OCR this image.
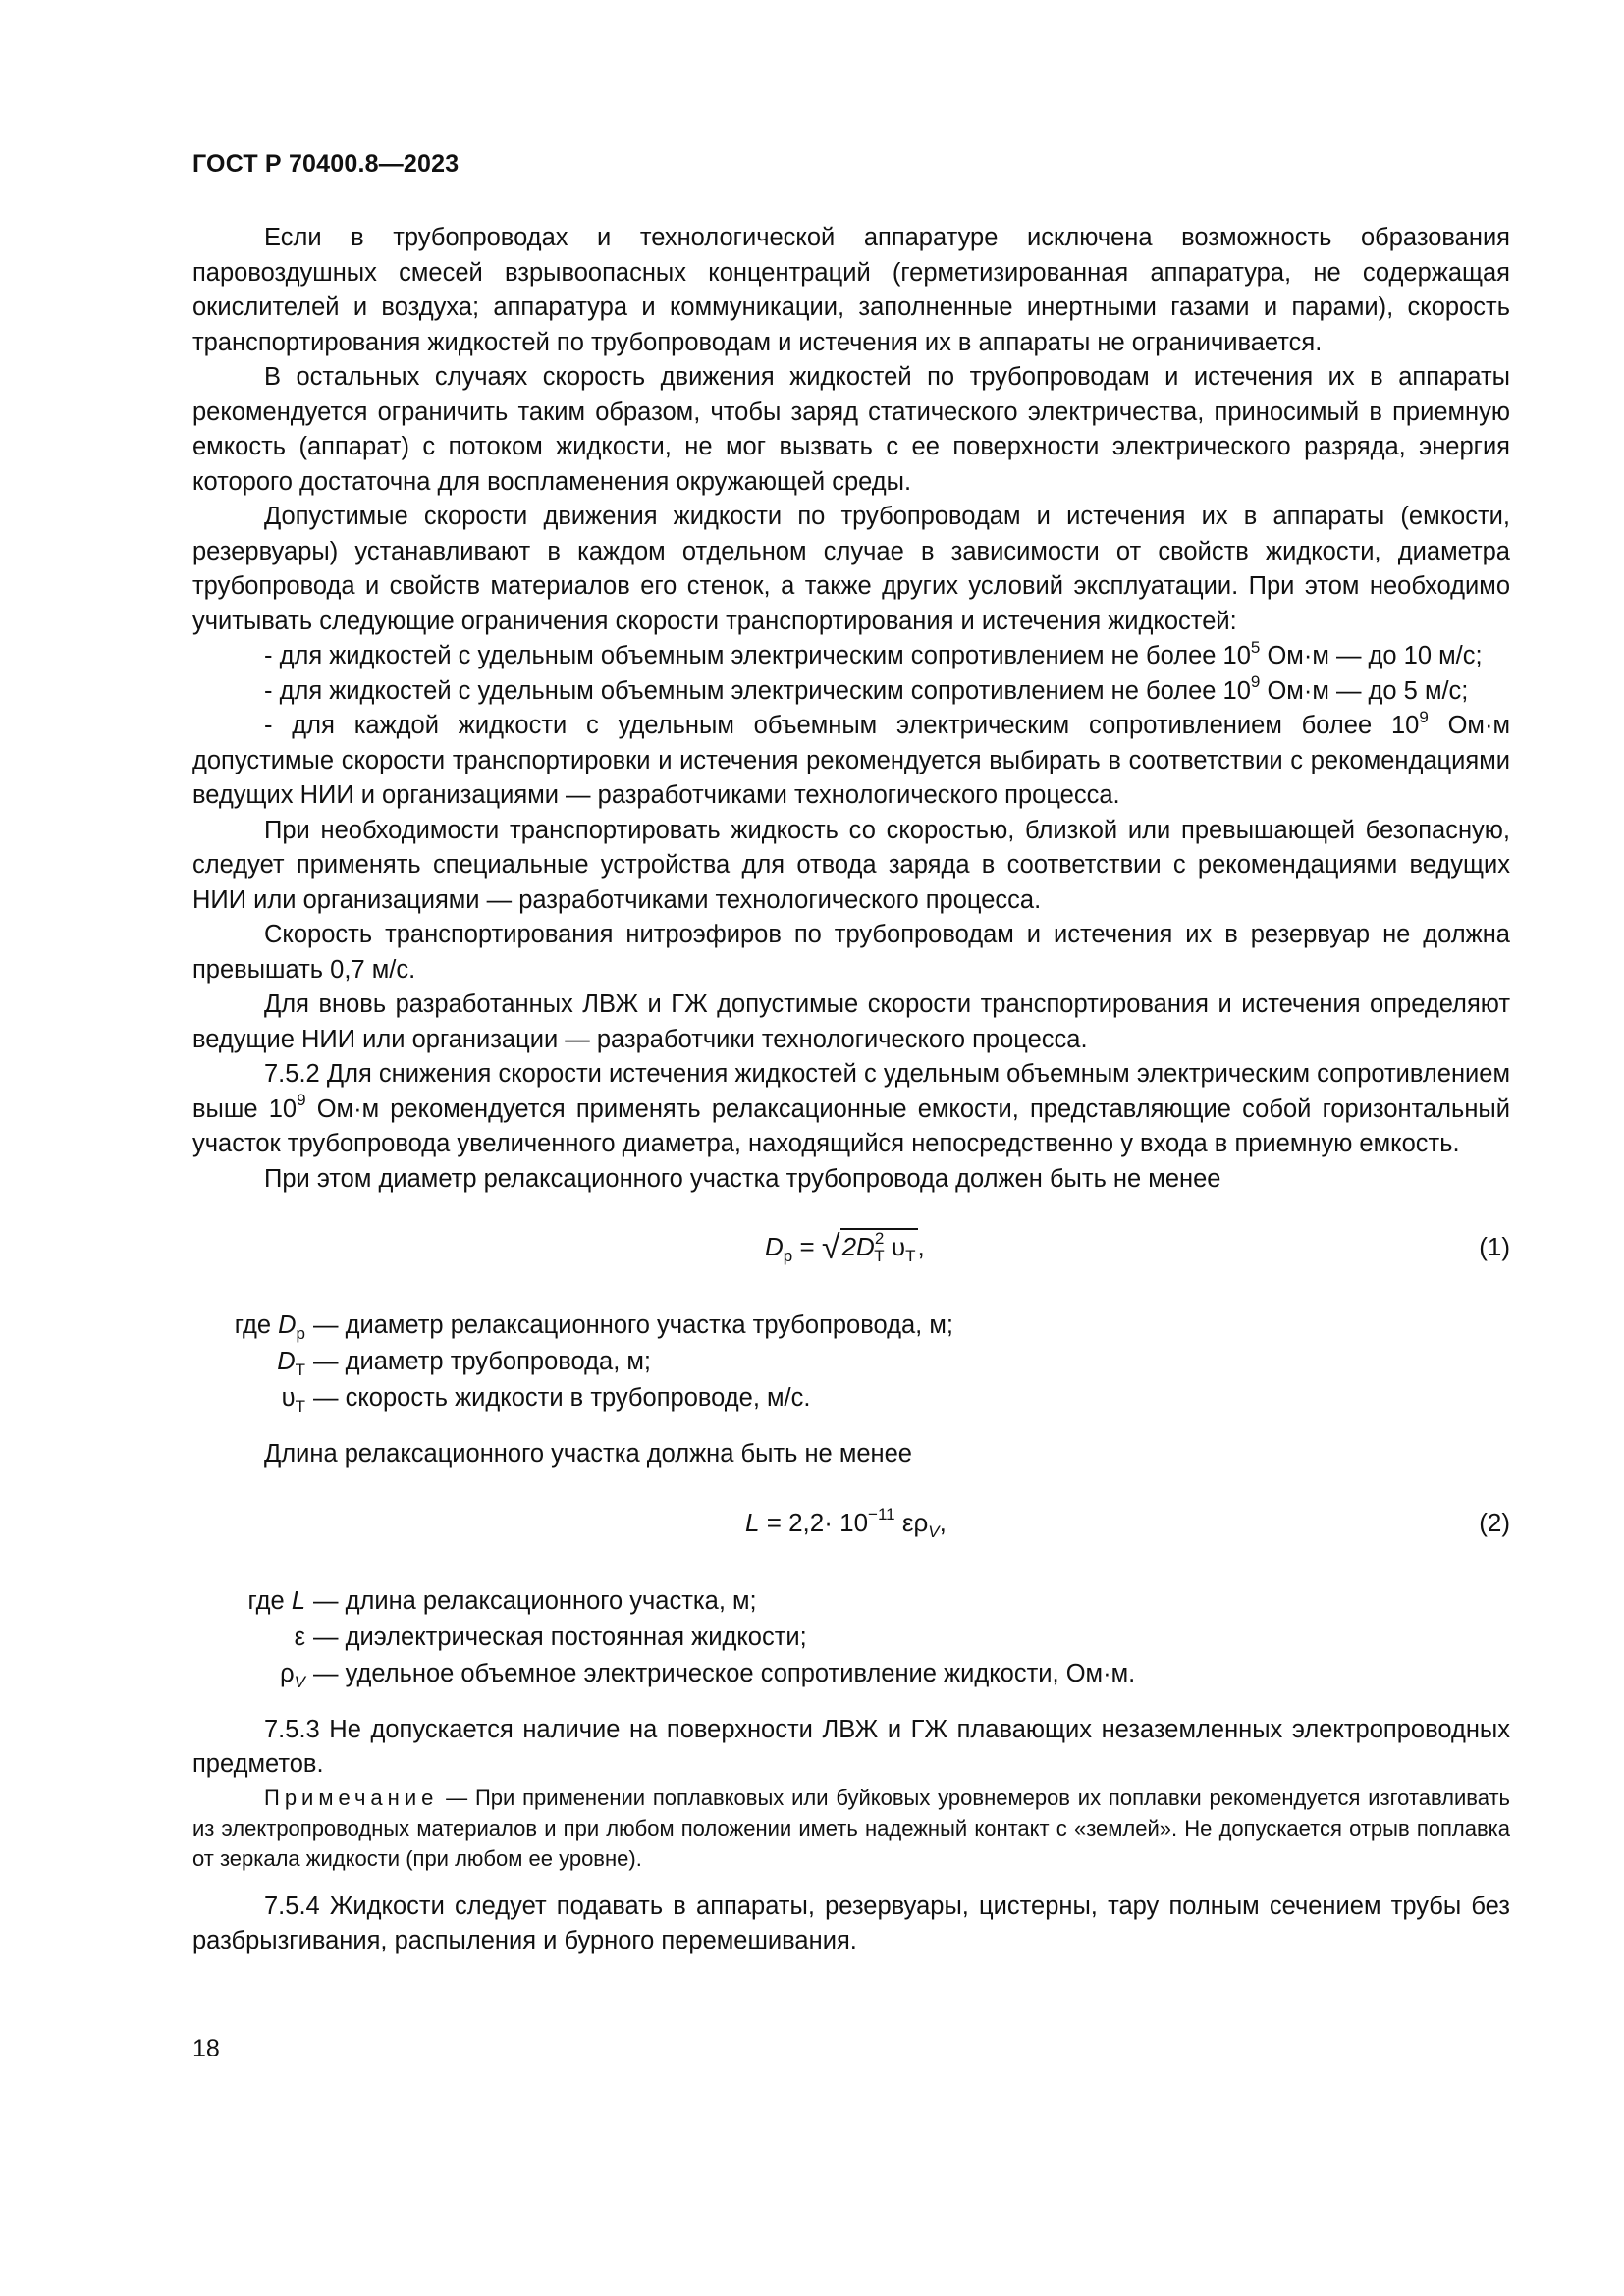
ГОСТ Р 70400.8—2023

Если в трубопроводах и технологической аппаратуре исключена возможность образования паровоздушных смесей взрывоопасных концентраций (герметизированная аппаратура, не содержащая окислителей и воздуха; аппаратура и коммуникации, заполненные инертными газами и парами), скорость транспортирования жидкостей по трубопроводам и истечения их в аппараты не ограничивается.

В остальных случаях скорость движения жидкостей по трубопроводам и истечения их в аппараты рекомендуется ограничить таким образом, чтобы заряд статического электричества, приносимый в приемную емкость (аппарат) с потоком жидкости, не мог вызвать с ее поверхности электрического разряда, энергия которого достаточна для воспламенения окружающей среды.

Допустимые скорости движения жидкости по трубопроводам и истечения их в аппараты (емкости, резервуары) устанавливают в каждом отдельном случае в зависимости от свойств жидкости, диаметра трубопровода и свойств материалов его стенок, а также других условий эксплуатации. При этом необходимо учитывать следующие ограничения скорости транспортирования и истечения жидкостей:

- для жидкостей с удельным объемным электрическим сопротивлением не более $10^5$ Ом·м — до 10 м/с;

- для жидкостей с удельным объемным электрическим сопротивлением не более $10^9$ Ом·м — до 5 м/с;

- для каждой жидкости с удельным объемным электрическим сопротивлением более $10^9$ Ом·м допустимые скорости транспортировки и истечения рекомендуется выбирать в соответствии с рекомендациями ведущих НИИ и организациями — разработчиками технологического процесса.

При необходимости транспортировать жидкость со скоростью, близкой или превышающей безопасную, следует применять специальные устройства для отвода заряда в соответствии с рекомендациями ведущих НИИ или организациями — разработчиками технологического процесса.

Скорость транспортирования нитроэфиров по трубопроводам и истечения их в резервуар не должна превышать 0,7 м/с.

Для вновь разработанных ЛВЖ и ГЖ допустимые скорости транспортирования и истечения определяют ведущие НИИ или организации — разработчики технологического процесса.

7.5.2 Для снижения скорости истечения жидкостей с удельным объемным электрическим сопротивлением выше $10^9$ Ом·м рекомендуется применять релаксационные емкости, представляющие собой горизонтальный участок трубопровода увеличенного диаметра, находящийся непосредственно у входа в приемную емкость.

При этом диаметр релаксационного участка трубопровода должен быть не менее

$D_р = √2D^2_Т$ $\upsilon_Т$,	(1)
где $D_р$ — диаметр релаксационного участка трубопровода, м;
$D_Т$ — диаметр трубопровода, м;
$\upsilon_Т$ — скорость жидкости в трубопроводе, м/с.

Длина релаксационного участка должна быть не менее

$L = 2,2\cdot 10^{-11}$ $\varepsilon\rho_V$,	(2)
где L — длина релаксационного участка, м;
ε — диэлектрическая постоянная жидкости;
$\rho_V$ — удельное объемное электрическое сопротивление жидкости, Ом·м.

7.5.3 Не допускается наличие на поверхности ЛВЖ и ГЖ плавающих незаземленных электропроводных предметов.

Примечание — При применении поплавковых или буйковых уровнемеров их поплавки рекомендуется изготавливать из электропроводных материалов и при любом положении иметь надежный контакт с «землей». Не допускается отрыв поплавка от зеркала жидкости (при любом ее уровне).

7.5.4 Жидкости следует подавать в аппараты, резервуары, цистерны, тару полным сечением трубы без разбрызгивания, распыления и бурного перемешивания.

18
